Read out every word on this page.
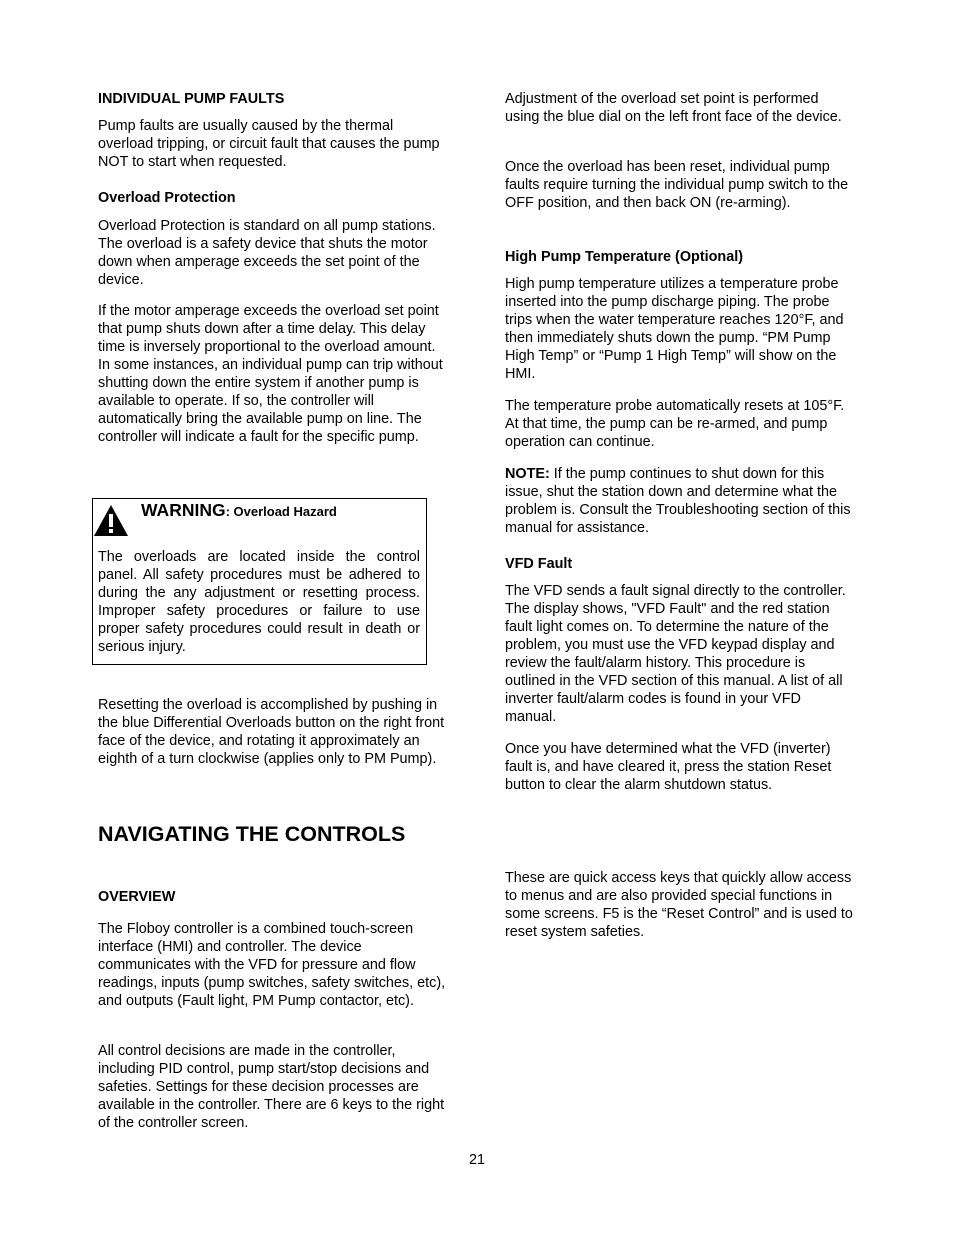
INDIVIDUAL PUMP FAULTS

Pump faults are usually caused by the thermal overload tripping, or circuit fault that causes the pump NOT to start when requested.

Overload Protection

Overload Protection is standard on all pump stations. The overload is a safety device that shuts the motor down when amperage exceeds the set point of the device.

If the motor amperage exceeds the overload set point that pump shuts down after a time delay. This delay time is inversely proportional to the overload amount. In some instances, an individual pump can trip without shutting down the entire system if another pump is available to operate. If so, the controller will automatically bring the available pump on line. The controller will indicate a fault for the specific pump.

Resetting the overload is accomplished by pushing in the blue Differential Overloads button on the right front face of the device, and rotating it approximately an eighth of a turn clockwise (applies only to PM Pump).

NAVIGATING THE CONTROLS

OVERVIEW

The Floboy controller is a combined touch-screen interface (HMI) and controller. The device communicates with the VFD for pressure and flow readings, inputs (pump switches, safety switches, etc), and outputs (Fault light, PM Pump contactor, etc).

All control decisions are made in the controller, including PID control, pump start/stop decisions and safeties. Settings for these decision processes are available in the controller. There are 6 keys to the right of the controller screen.

WARNING: Overload Hazard

The overloads are located inside the control panel. All safety procedures must be adhered to during the any adjustment or resetting process. Improper safety procedures or failure to use proper safety procedures could result in death or serious injury.

Adjustment of the overload set point is performed using the blue dial on the left front face of the device.

Once the overload has been reset, individual pump faults require turning the individual pump switch to the OFF position, and then back ON (re-arming).

High Pump Temperature (Optional)

High pump temperature utilizes a temperature probe inserted into the pump discharge piping. The probe trips when the water temperature reaches 120°F, and then immediately shuts down the pump. “PM Pump High Temp” or “Pump 1 High Temp” will show on the HMI.

The temperature probe automatically resets at 105°F. At that time, the pump can be re-armed, and pump operation can continue.

NOTE: If the pump continues to shut down for this issue, shut the station down and determine what the problem is. Consult the Troubleshooting section of this manual for assistance.

VFD Fault

The VFD sends a fault signal directly to the controller. The display shows, "VFD Fault" and the red station fault light comes on. To determine the nature of the problem, you must use the VFD keypad display and review the fault/alarm history. This procedure is outlined in the VFD section of this manual. A list of all inverter fault/alarm codes is found in your VFD manual.

Once you have determined what the VFD (inverter) fault is, and have cleared it, press the station Reset button to clear the alarm shutdown status.

These are quick access keys that quickly allow access to menus and are also provided special functions in some screens. F5 is the “Reset Control” and is used to reset system safeties.

21
